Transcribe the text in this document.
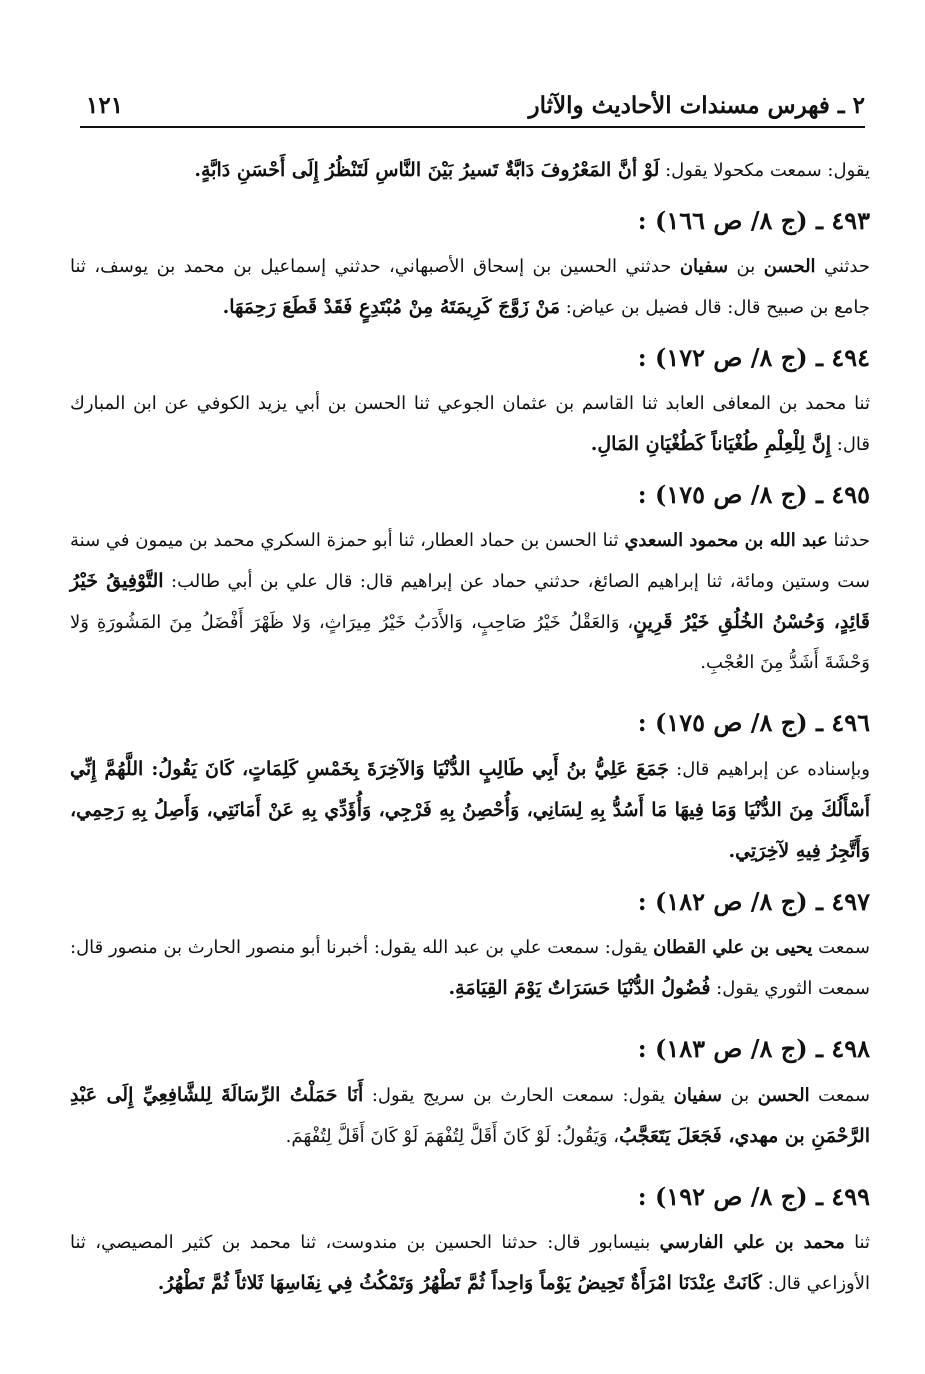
٢ ـ فهرس مسندات الأحاديث والآثار
١٢١

يقول: سمعت مكحولا يقول: لَوْ أنَّ المَعْرُوفَ دَابَّةٌ تَسيرُ بَيْنَ النَّاسِ لَتَنْظُرُ إِلَى أَحْسَنِ دَابَّةٍ.

٤٩٣ ـ (ج ٨/ ص ١٦٦) :

حدثني الحسن بن سفيان حدثني الحسين بن إسحاق الأصبهاني، حدثني إسماعيل بن محمد بن يوسف، ثنا جامع بن صبيح قال: قال فضيل بن عياض: مَنْ زَوَّجَ كَرِيمَتَهُ مِنْ مُبْتَدِعٍ فَقَدْ قَطَعَ رَحِمَهَا.

٤٩٤ ـ (ج ٨/ ص ١٧٢) :

ثنا محمد بن المعافى العابد ثنا القاسم بن عثمان الجوعي ثنا الحسن بن أبي يزيد الكوفي عن ابن المبارك قال: إِنَّ لِلْعِلْمِ طُغْيَاناً كَطُغْيَانِ المَالِ.

٤٩٥ ـ (ج ٨/ ص ١٧٥) :

حدثنا عبد الله بن محمود السعدي ثنا الحسن بن حماد العطار، ثنا أبو حمزة السكري محمد بن ميمون في سنة ست وستين ومائة، ثنا إبراهيم الصائغ، حدثني حماد عن إبراهيم قال: قال علي بن أبي طالب: التَّوْفِيقُ خَيْرُ قَائِدٍ، وَحُسْنُ الخُلُقِ خَيْرُ قَرِينٍ، وَالعَقْلُ خَيْرُ صَاحِبٍ، وَالأَدَبُ خَيْرُ مِيرَاثٍ، وَلا ظَهْرَ أَفْضَلُ مِنَ المَشُورَةِ وَلا وَحْشَةَ أَشَدُّ مِنَ العُجْبِ.

٤٩٦ ـ (ج ٨/ ص ١٧٥) :

وبإسناده عن إبراهيم قال: جَمَعَ عَلِيُّ بنُ أَبِي طَالِبٍ الدُّنْيَا وَالآخِرَةَ بِخَمْسِ كَلِمَاتٍ، كَانَ يَقُولُ: اللَّهُمَّ إِنِّي أَسْأَلُكَ مِنَ الدُّنْيَا وَمَا فِيهَا مَا أَسُدُّ بِهِ لِسَانِي، وَأُحْصِنُ بِهِ فَرْجِي، وَأُؤَدِّي بِهِ عَنْ أَمَانَتِي، وَأَصِلُ بِهِ رَحِمِي، وَأَتَّجِرُ فِيهِ لآخِرَتِي.

٤٩٧ ـ (ج ٨/ ص ١٨٢) :

سمعت يحيى بن علي القطان يقول: سمعت علي بن عبد الله يقول: أخبرنا أبو منصور الحارث بن منصور قال: سمعت الثوري يقول: فُضُولُ الدُّنْيَا حَسَرَاتٌ يَوْمَ القِيَامَةِ.

٤٩٨ ـ (ج ٨/ ص ١٨٣) :

سمعت الحسن بن سفيان يقول: سمعت الحارث بن سريج يقول: أَنَا حَمَلْتُ الرِّسَالَةَ لِلشَّافِعِيِّ إِلَى عَبْدِ الرَّحْمَنِ بن مهدي، فَجَعَلَ يَتَعَجَّبُ، وَيَقُولُ: لَوْ كَانَ أَقَلَّ لِتُفْهَمَ لَوْ كَانَ أَقَلَّ لِتُفْهَمَ.

٤٩٩ ـ (ج ٨/ ص ١٩٢) :

ثنا محمد بن علي الفارسي بنيسابور قال: حدثنا الحسين بن مندوست، ثنا محمد بن كثير المصيصي، ثنا الأوزاعي قال: كَانَتْ عِنْدَنَا امْرَأَةٌ تَحِيضُ يَوْماً وَاحِداً ثُمَّ تَطْهُرُ وَتَمْكُثُ فِي نِفَاسِهَا ثَلاثاً ثُمَّ تَطْهُرُ.
